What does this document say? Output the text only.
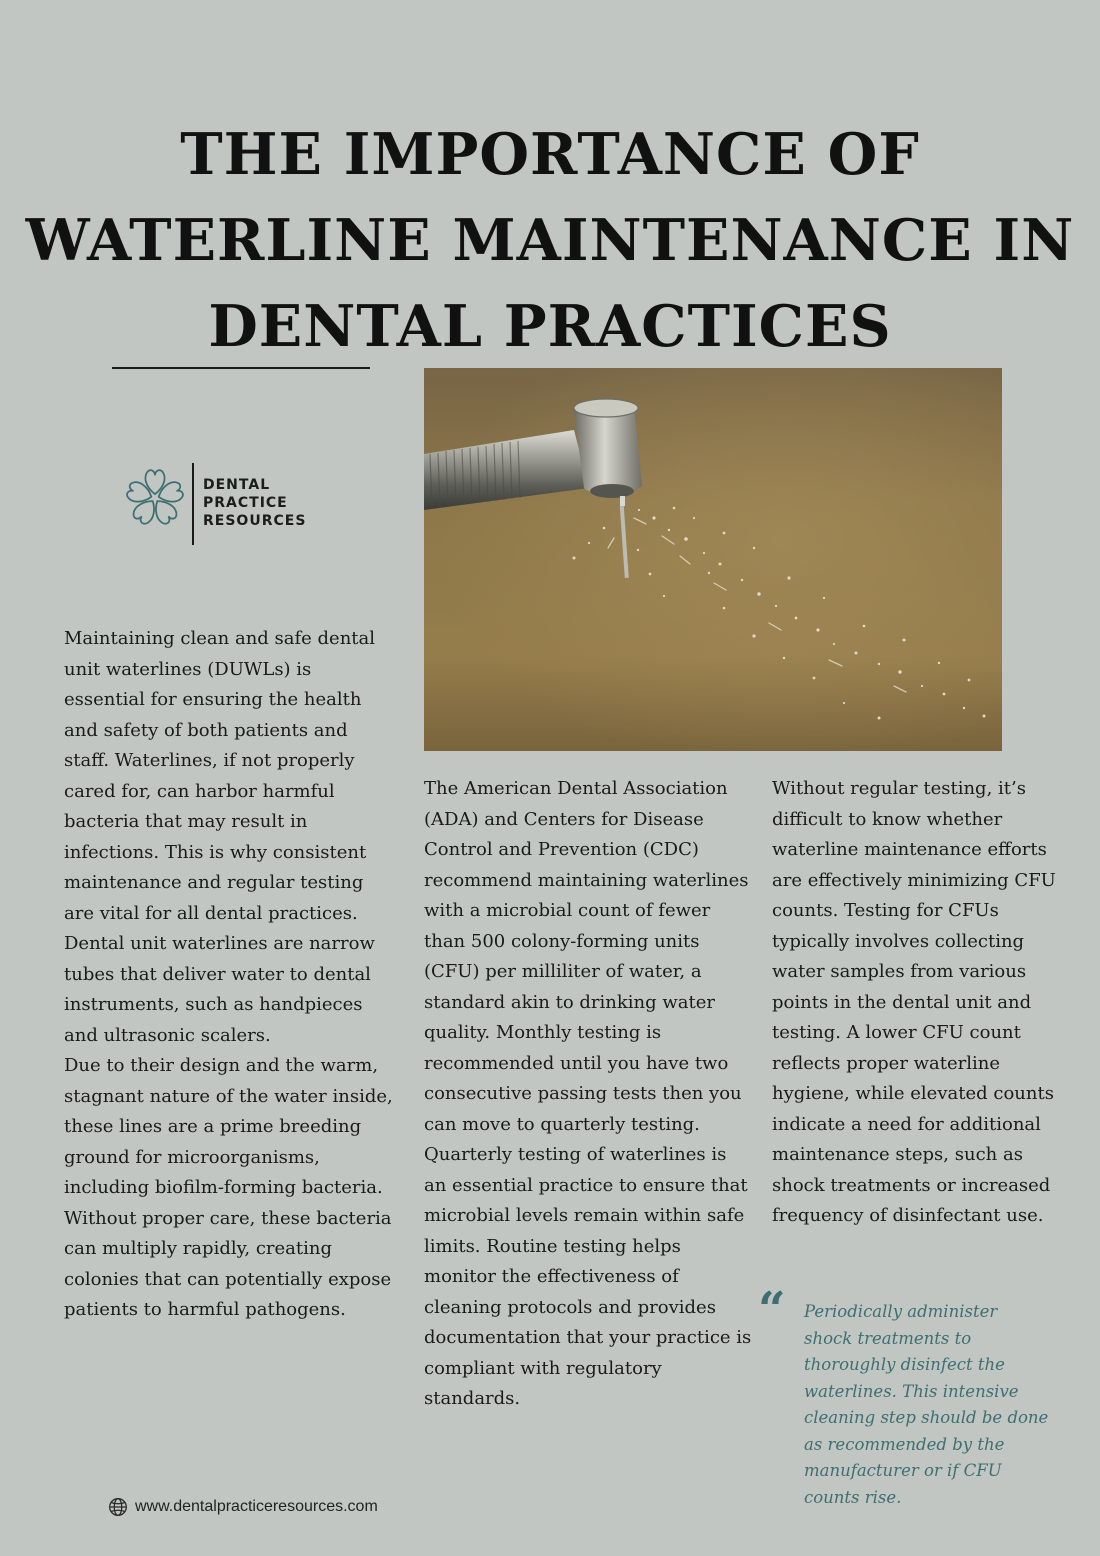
THE IMPORTANCE OF
WATERLINE MAINTENANCE IN
DENTAL PRACTICES
DENTAL
PRACTICE
RESOURCES

Maintaining clean and safe dental unit waterlines (DUWLs) is essential for ensuring the health and safety of both patients and staff. Waterlines, if not properly cared for, can harbor harmful bacteria that may result in infections. This is why consistent maintenance and regular testing are vital for all dental practices. Dental unit waterlines are narrow tubes that deliver water to dental instruments, such as handpieces and ultrasonic scalers.

Due to their design and the warm, stagnant nature of the water inside, these lines are a prime breeding ground for microorganisms, including biofilm-forming bacteria. Without proper care, these bacteria can multiply rapidly, creating colonies that can potentially expose patients to harmful pathogens.

The American Dental Association (ADA) and Centers for Disease Control and Prevention (CDC) recommend maintaining waterlines with a microbial count of fewer than 500 colony-forming units (CFU) per milliliter of water, a standard akin to drinking water quality. Monthly testing is recommended until you have two consecutive passing tests then you can move to quarterly testing. Quarterly testing of waterlines is an essential practice to ensure that microbial levels remain within safe limits. Routine testing helps monitor the effectiveness of cleaning protocols and provides documentation that your practice is compliant with regulatory standards.

Without regular testing, it’s difficult to know whether waterline maintenance efforts are effectively minimizing CFU counts. Testing for CFUs typically involves collecting water samples from various points in the dental unit and testing. A lower CFU count reflects proper waterline hygiene, while elevated counts indicate a need for additional maintenance steps, such as shock treatments or increased frequency of disinfectant use.

“ Periodically administer shock treatments to thoroughly disinfect the waterlines. This intensive cleaning step should be done as recommended by the manufacturer or if CFU counts rise.
www.dentalpracticeresources.com
